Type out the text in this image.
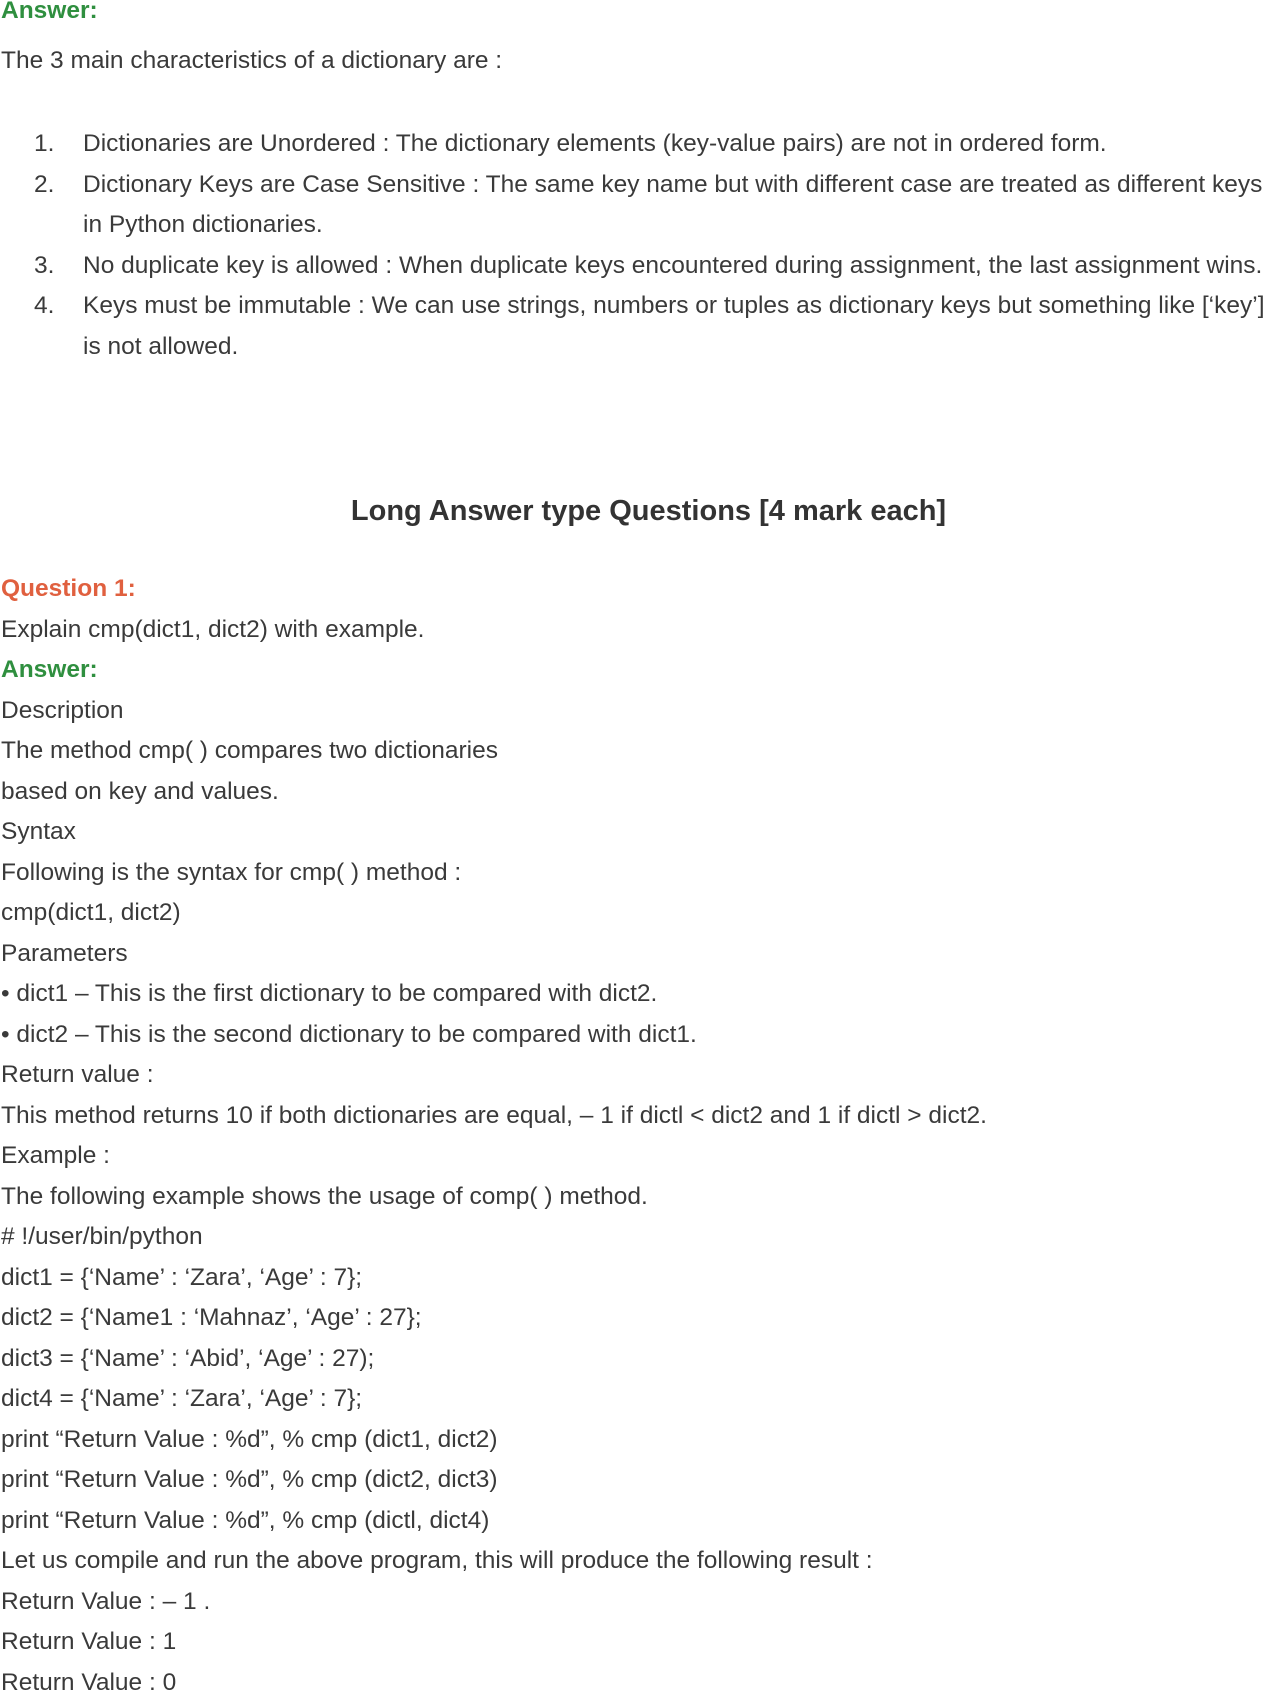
Answer:
The 3 main characteristics of a dictionary are :
1. Dictionaries are Unordered : The dictionary elements (key-value pairs) are not in ordered form.
2. Dictionary Keys are Case Sensitive : The same key name but with different case are treated as different keys in Python dictionaries.
3. No duplicate key is allowed : When duplicate keys encountered during assignment, the last assignment wins.
4. Keys must be immutable : We can use strings, numbers or tuples as dictionary keys but something like [‘key’] is not allowed.
Long Answer type Questions [4 mark each]
Question 1:
Explain cmp(dict1, dict2) with example.
Answer:
Description
The method cmp( ) compares two dictionaries
based on key and values.
Syntax
Following is the syntax for cmp( ) method :
cmp(dict1, dict2)
Parameters
• dict1 – This is the first dictionary to be compared with dict2.
• dict2 – This is the second dictionary to be compared with dict1.
Return value :
This method returns 10 if both dictionaries are equal, – 1 if dictl < dict2 and 1 if dictl > dict2.
Example :
The following example shows the usage of comp( ) method.
# !/user/bin/python
dict1 = {‘Name’ : ‘Zara’, ‘Age’ : 7};
dict2 = {‘Name1 : ‘Mahnaz’, ‘Age’ : 27};
dict3 = {‘Name’ : ‘Abid’, ‘Age’ : 27);
dict4 = {‘Name’ : ‘Zara’, ‘Age’ : 7};
print “Return Value : %d”, % cmp (dict1, dict2)
print “Return Value : %d”, % cmp (dict2, dict3)
print “Return Value : %d”, % cmp (dictl, dict4)
Let us compile and run the above program, this will produce the following result :
Return Value : – 1 .
Return Value : 1
Return Value : 0
